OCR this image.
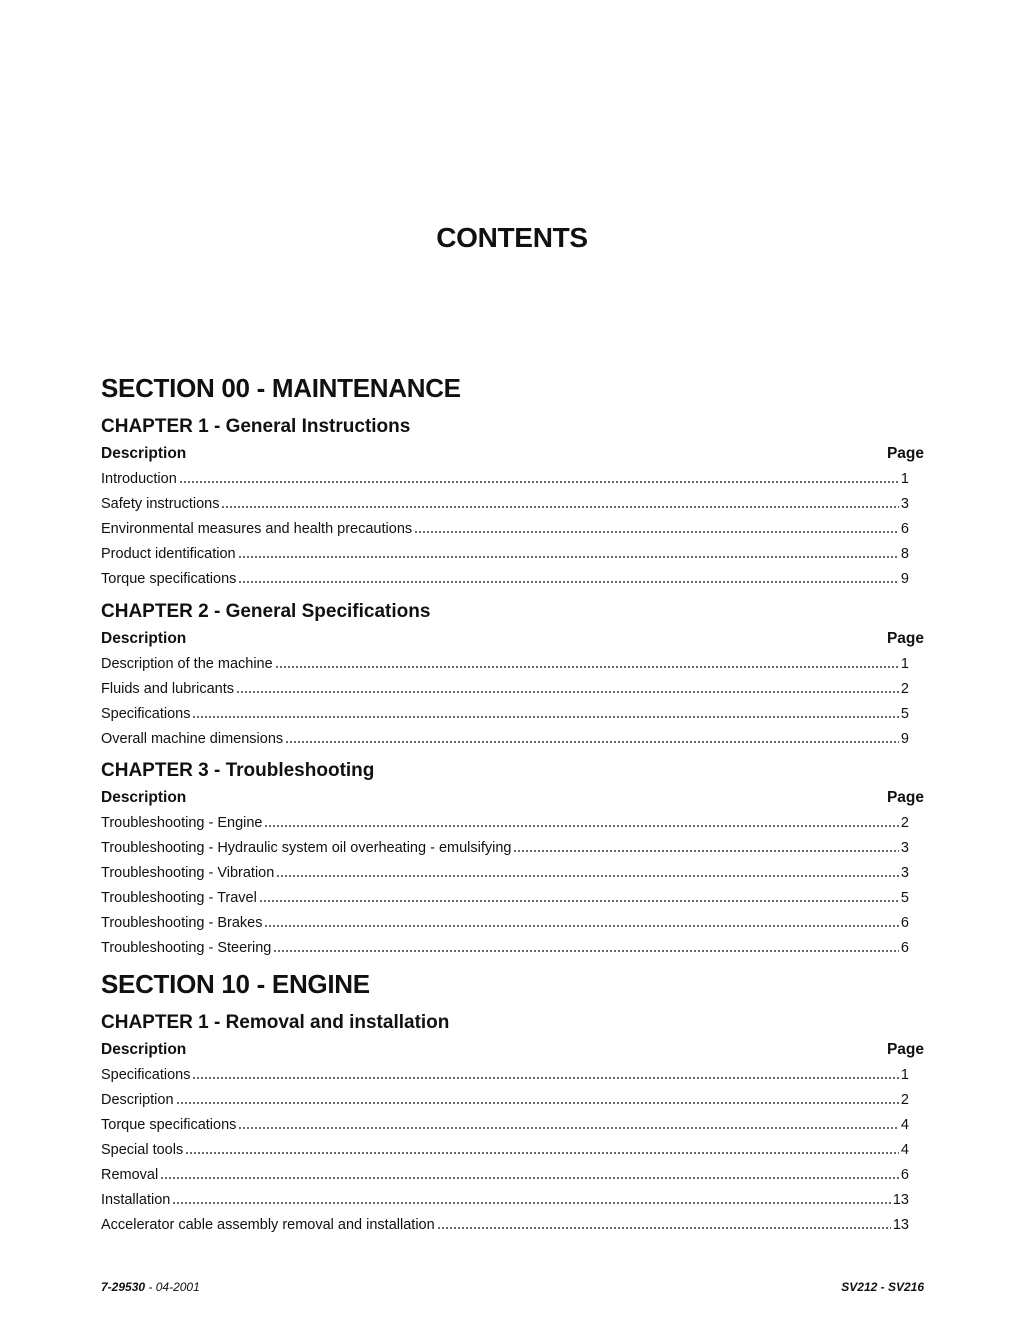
CONTENTS
SECTION 00 - MAINTENANCE
CHAPTER 1 - General Instructions
Description	Page
Introduction	1
Safety instructions	3
Environmental measures and health precautions	6
Product identification	8
Torque specifications	9
CHAPTER 2 - General Specifications
Description	Page
Description of the machine	1
Fluids and lubricants	2
Specifications	5
Overall machine dimensions	9
CHAPTER 3 - Troubleshooting
Description	Page
Troubleshooting - Engine	2
Troubleshooting - Hydraulic system oil overheating - emulsifying	3
Troubleshooting - Vibration	3
Troubleshooting - Travel	5
Troubleshooting - Brakes	6
Troubleshooting - Steering	6
SECTION 10 - ENGINE
CHAPTER 1 - Removal and installation
Description	Page
Specifications	1
Description	2
Torque specifications	4
Special tools	4
Removal	6
Installation	13
Accelerator cable assembly removal and installation	13
7-29530 - 04-2001	SV212 - SV216
